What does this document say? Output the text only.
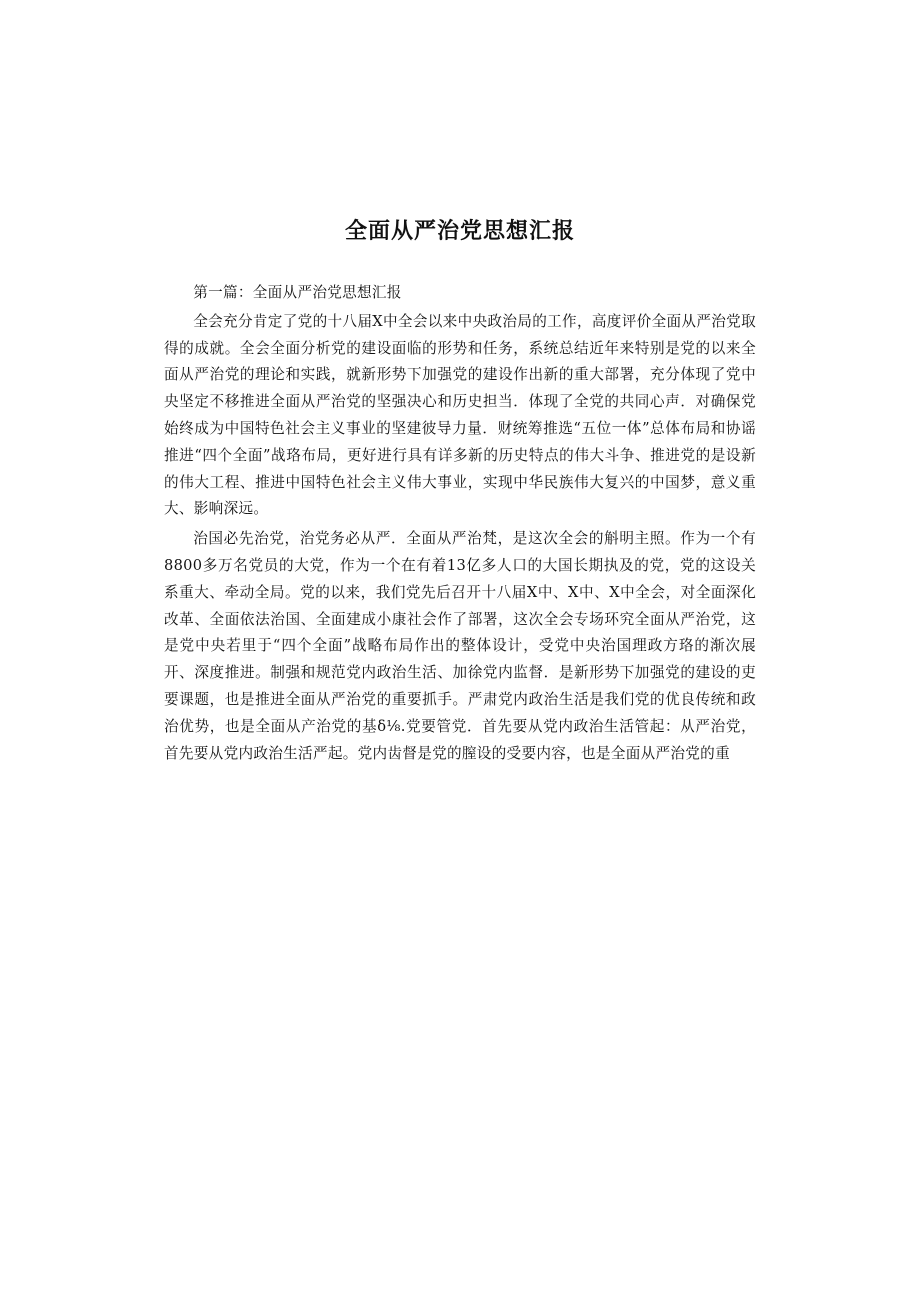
全面从严治党思想汇报

第一篇：全面从严治党思想汇报

全会充分肯定了党的十八届X中全会以来中央政治局的工作，高度评价全面从严治党取得的成就。全会全面分析党的建设面临的形势和任务，系统总结近年来特别是党的以来全面从严治党的理论和实践，就新形势下加强党的建设作出新的重大部署，充分体现了党中央坚定不移推进全面从严治党的坚强决心和历史担当．体现了全党的共同心声．对确保党始终成为中国特色社会主义事业的坚建彼导力量．财统筹推选“五位一体”总体布局和协谣推进“四个全面”战珞布局，更好进行具有详多新的历史特点的伟大斗争、推进党的是设新的伟大工程、推进中国特色社会主义伟大事业，实现中华民族伟大复兴的中国梦，意义重大、影响深远。

治国必先治党，治党务必从严．全面从严治梵，是这次全会的斛明主照。作为一个有8800多万名党员的大党，作为一个在有着13亿多人口的大国长期执及的党，党的这设关系重大、牵动全局。党的以来，我们党先后召开十八届X中、X中、X中全会，对全面深化改革、全面依法治国、全面建成小康社会作了部署，这次全会专场环究全面从严治党，这是党中央若里于“四个全面”战略布局作出的整体设计，受党中央治国理政方珞的渐次展开、深度推进。制强和规范党内政治生活、加徐党内监督．是新形势下加强党的建设的吏要课题，也是推进全面从严治党的重要抓手。严肃党内政治生活是我们党的优良传统和政治优势，也是全面从产治党的基δ⅛.党要管党．首先要从党内政治生活管起：从严治党，首先要从党内政治生活严起。党内齿督是党的膣设的受要内容，也是全面从严治党的重
